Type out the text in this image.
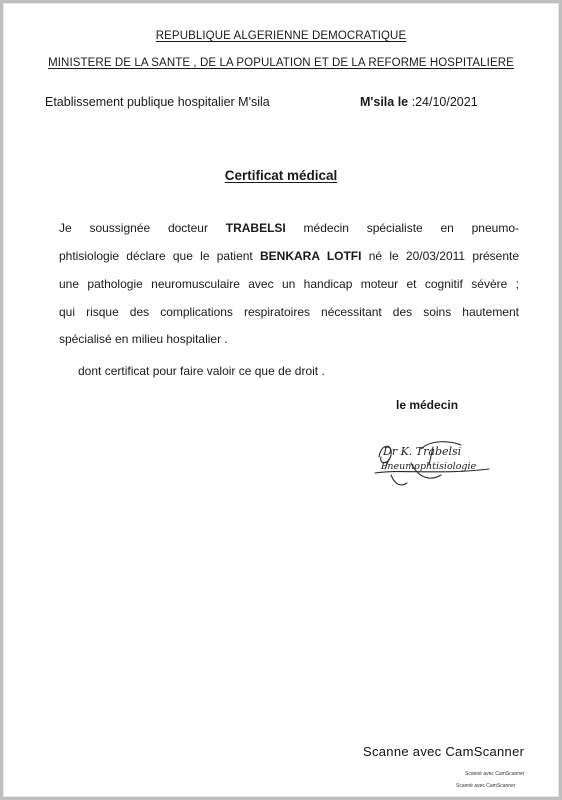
REPUBLIQUE ALGERIENNE DEMOCRATIQUE
MINISTERE DE LA SANTE , DE LA POPULATION ET DE LA REFORME HOSPITALIERE
Etablissement publique hospitalier M'sila	M'sila le :24/10/2021
Certificat médical
Je soussignée docteur TRABELSI médecin spécialiste en pneumo-
phtisiologie déclare que le patient BENKARA LOTFI né le 20/03/2011 présente
une pathologie neuromusculaire avec un handicap moteur et cognitif sévère ;
qui risque des complications respiratoires nécessitant des soins hautement
spécialisé en milieu hospitalier .
dont certificat pour faire valoir ce que de droit .
le médecin
Dr K. Trabelsi
Pneumophtisiologie
Scanne avec CamScanner
Scanné avec CamScanner
Scanné avec CamScanner
